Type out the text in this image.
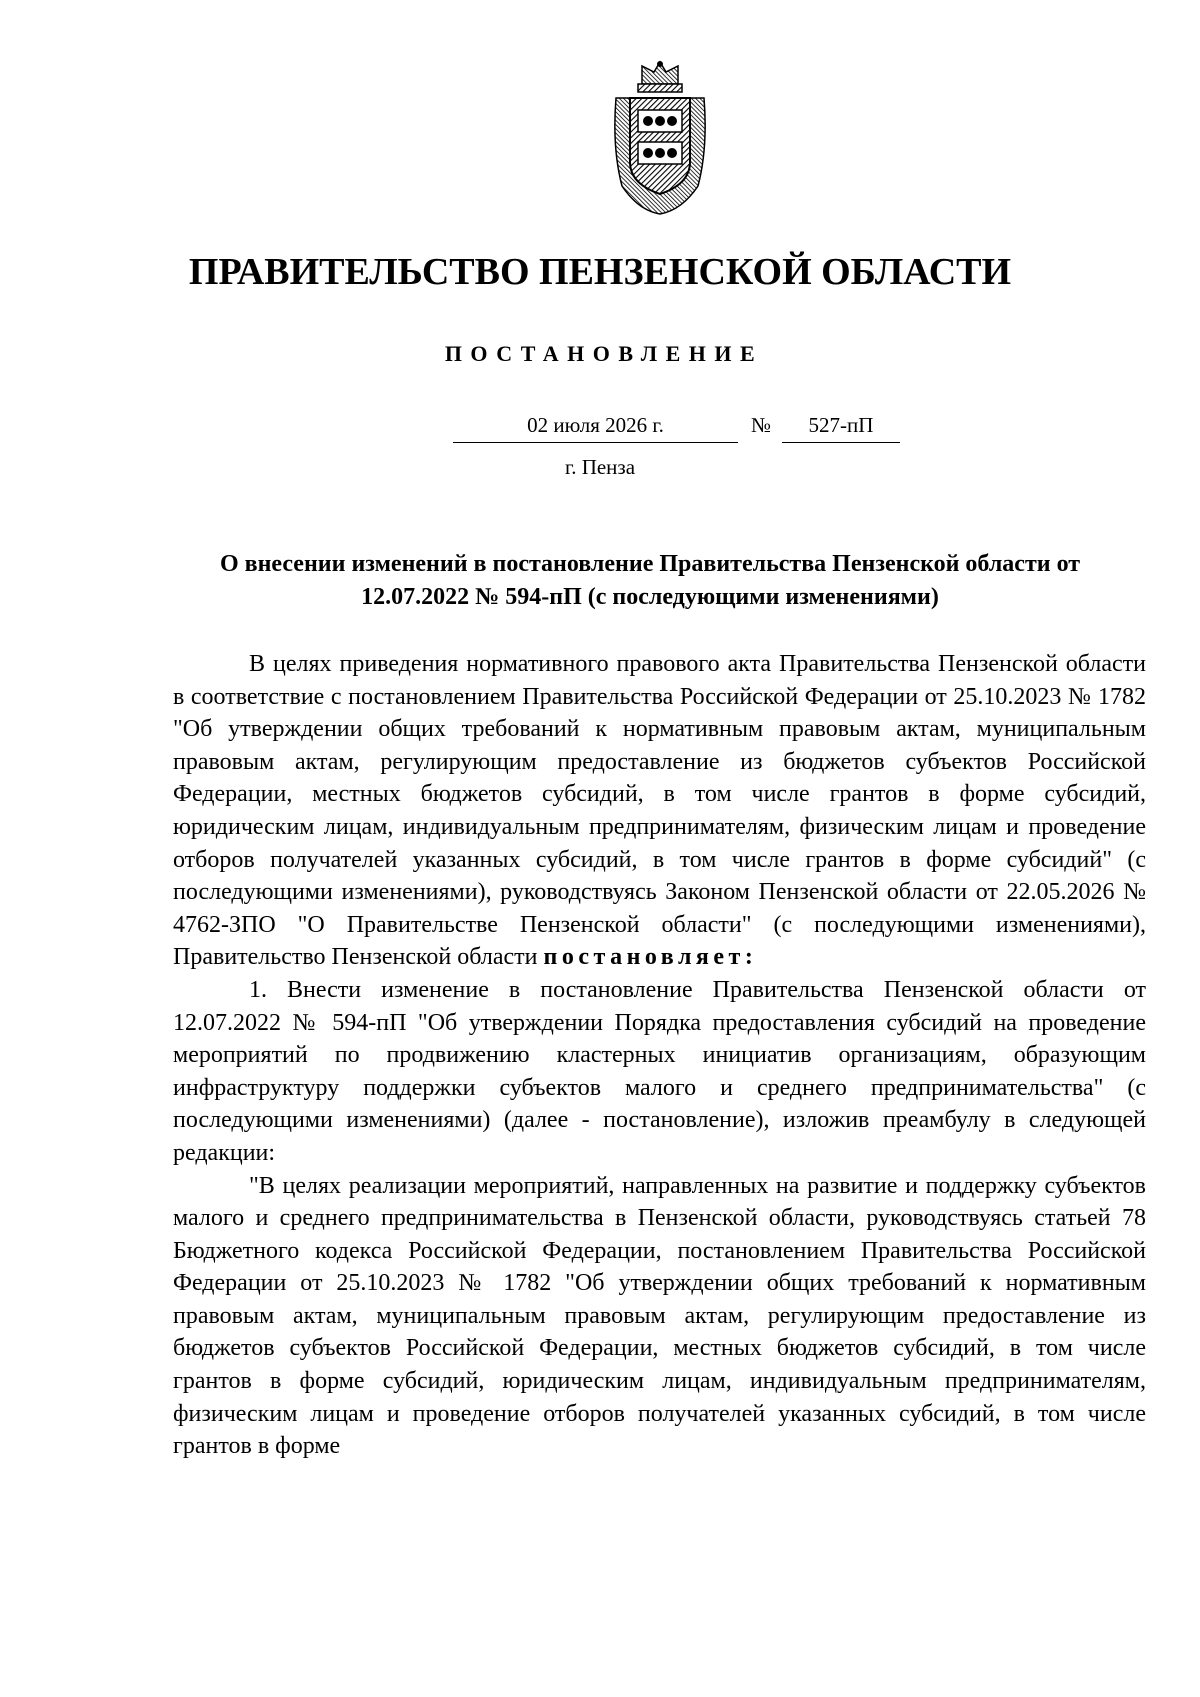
ПРАВИТЕЛЬСТВО ПЕНЗЕНСКОЙ ОБЛАСТИ
ПОСТАНОВЛЕНИЕ
02 июля 2026 г.	№	527-пП
г. Пенза
О внесении изменений в постановление Правительства Пензенской области от 12.07.2022 № 594-пП (с последующими изменениями)

В целях приведения нормативного правового акта Правительства Пензенской области в соответствие с постановлением Правительства Российской Федерации от 25.10.2023 № 1782 "Об утверждении общих требований к нормативным правовым актам, муниципальным правовым актам, регулирующим предоставление из бюджетов субъектов Российской Федерации, местных бюджетов субсидий, в том числе грантов в форме субсидий, юридическим лицам, индивидуальным предпринимателям, физическим лицам и проведение отборов получателей указанных субсидий, в том числе грантов в форме субсидий" (с последующими изменениями), руководствуясь Законом Пензенской области от 22.05.2026 № 4762-ЗПО "О Правительстве Пензенской области" (с последующими изменениями), Правительство Пензенской области постановляет:

1. Внести изменение в постановление Правительства Пензенской области от 12.07.2022 № 594-пП "Об утверждении Порядка предоставления субсидий на проведение мероприятий по продвижению кластерных инициатив организациям, образующим инфраструктуру поддержки субъектов малого и среднего предпринимательства" (с последующими изменениями) (далее - постановление), изложив преамбулу в следующей редакции:

"В целях реализации мероприятий, направленных на развитие и поддержку субъектов малого и среднего предпринимательства в Пензенской области, руководствуясь статьей 78 Бюджетного кодекса Российской Федерации, постановлением Правительства Российской Федерации от 25.10.2023 № 1782 "Об утверждении общих требований к нормативным правовым актам, муниципальным правовым актам, регулирующим предоставление из бюджетов субъектов Российской Федерации, местных бюджетов субсидий, в том числе грантов в форме субсидий, юридическим лицам, индивидуальным предпринимателям, физическим лицам и проведение отборов получателей указанных субсидий, в том числе грантов в форме
